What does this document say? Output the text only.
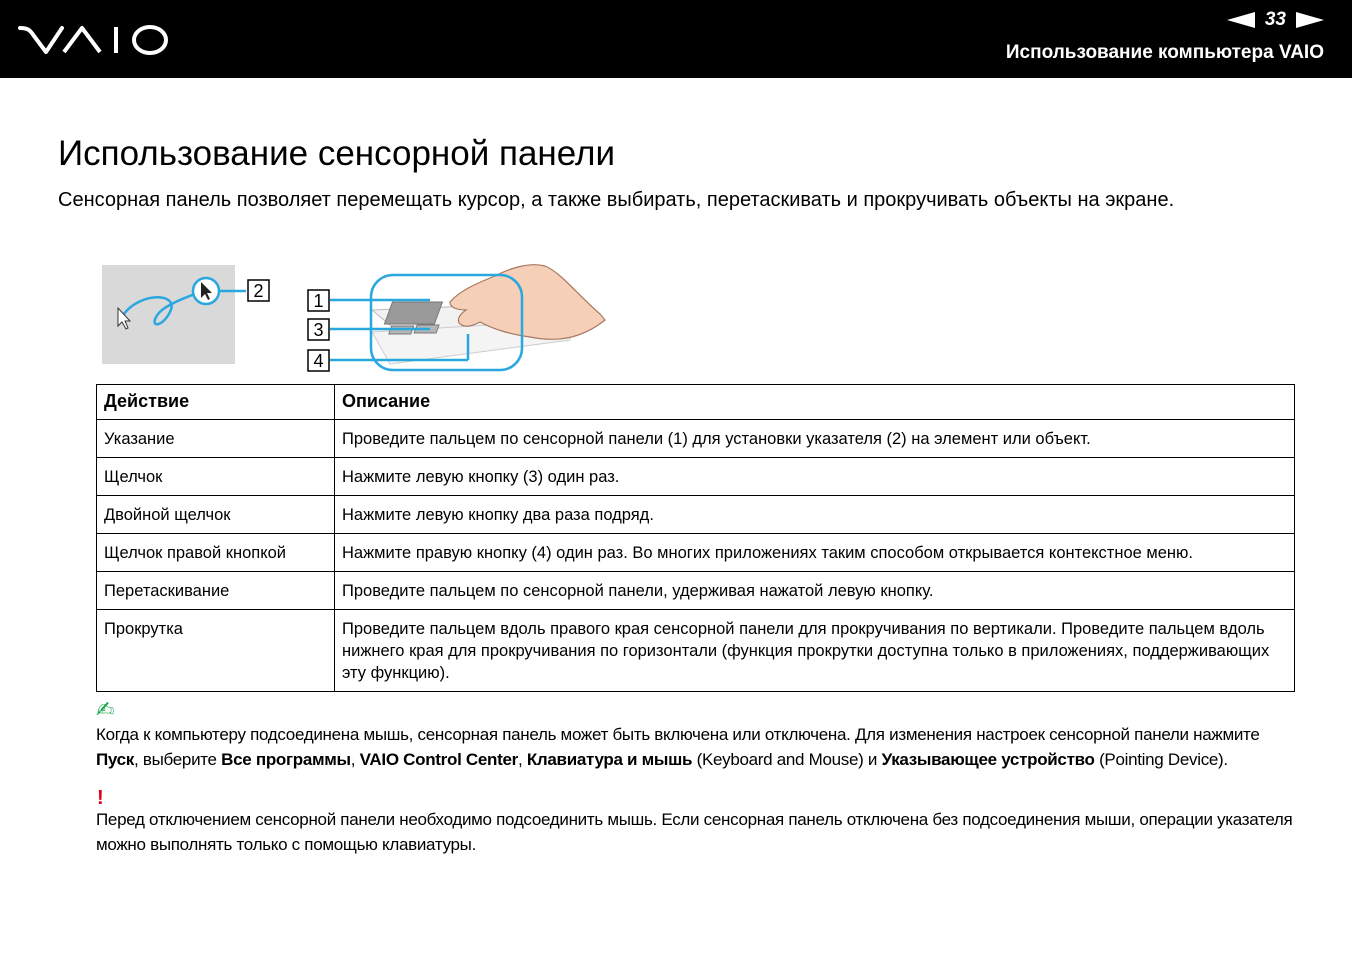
33
Использование компьютера VAIO
Использование сенсорной панели

Сенсорная панель позволяет перемещать курсор, а также выбирать, перетаскивать и прокручивать объекты на экране.

2	1
3
4
Действие	Описание
Указание	Проведите пальцем по сенсорной панели (1) для установки указателя (2) на элемент или объект.
Щелчок	Нажмите левую кнопку (3) один раз.
Двойной щелчок	Нажмите левую кнопку два раза подряд.
Щелчок правой кнопкой	Нажмите правую кнопку (4) один раз. Во многих приложениях таким способом открывается контекстное меню.
Перетаскивание	Проведите пальцем по сенсорной панели, удерживая нажатой левую кнопку.
Прокрутка	Проведите пальцем вдоль правого края сенсорной панели для прокручивания по вертикали. Проведите пальцем вдоль нижнего края для прокручивания по горизонтали (функция прокрутки доступна только в приложениях, поддерживающих эту функцию).
✍

Когда к компьютеру подсоединена мышь, сенсорная панель может быть включена или отключена. Для изменения настроек сенсорной панели нажмите Пуск, выберите Все программы, VAIO Control Center, Клавиатура и мышь (Keyboard and Mouse) и Указывающее устройство (Pointing Device).

!

Перед отключением сенсорной панели необходимо подсоединить мышь. Если сенсорная панель отключена без подсоединения мыши, операции указателя можно выполнять только с помощью клавиатуры.
